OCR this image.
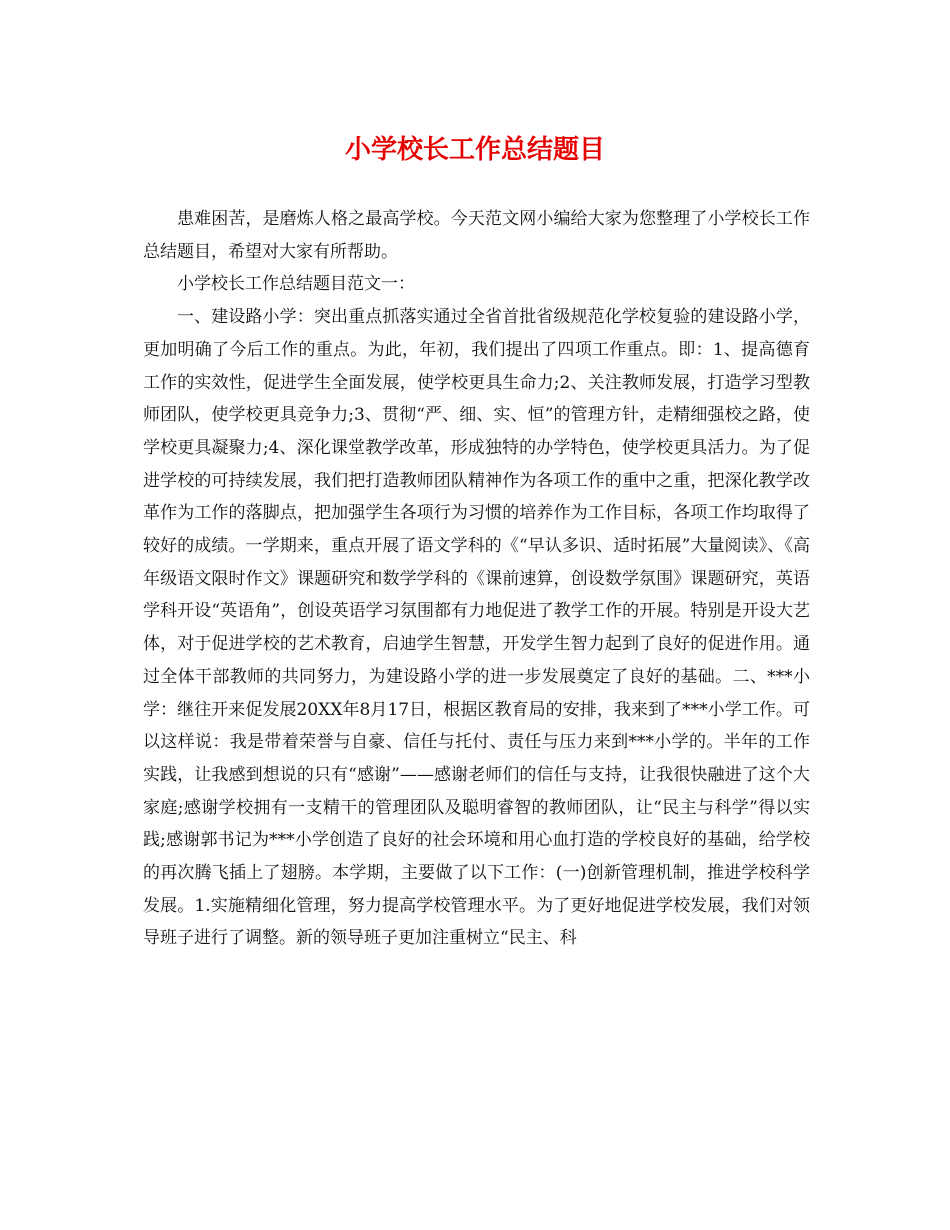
小学校长工作总结题目

患难困苦，是磨炼人格之最高学校。今天范文网小编给大家为您整理了小学校长工作总结题目，希望对大家有所帮助。

小学校长工作总结题目范文一：

一、建设路小学：突出重点抓落实通过全省首批省级规范化学校复验的建设路小学，更加明确了今后工作的重点。为此，年初，我们提出了四项工作重点。即：1、提高德育工作的实效性，促进学生全面发展，使学校更具生命力;2、关注教师发展，打造学习型教师团队，使学校更具竞争力;3、贯彻“严、细、实、恒”的管理方针，走精细强校之路，使学校更具凝聚力;4、深化课堂教学改革，形成独特的办学特色，使学校更具活力。为了促进学校的可持续发展，我们把打造教师团队精神作为各项工作的重中之重，把深化教学改革作为工作的落脚点，把加强学生各项行为习惯的培养作为工作目标，各项工作均取得了较好的成绩。一学期来，重点开展了语文学科的《“早认多识、适时拓展”大量阅读》、《高年级语文限时作文》课题研究和数学学科的《课前速算，创设数学氛围》课题研究，英语学科开设“英语角”，创设英语学习氛围都有力地促进了教学工作的开展。特别是开设大艺体，对于促进学校的艺术教育，启迪学生智慧，开发学生智力起到了良好的促进作用。通过全体干部教师的共同努力，为建设路小学的进一步发展奠定了良好的基础。二、***小学：继往开来促发展20XX年8月17日，根据区教育局的安排，我来到了***小学工作。可以这样说：我是带着荣誉与自豪、信任与托付、责任与压力来到***小学的。半年的工作实践，让我感到想说的只有“感谢”——感谢老师们的信任与支持，让我很快融进了这个大家庭;感谢学校拥有一支精干的管理团队及聪明睿智的教师团队，让“民主与科学”得以实践;感谢郭书记为***小学创造了良好的社会环境和用心血打造的学校良好的基础，给学校的再次腾飞插上了翅膀。本学期，主要做了以下工作：(一)创新管理机制，推进学校科学发展。1.实施精细化管理，努力提高学校管理水平。为了更好地促进学校发展，我们对领导班子进行了调整。新的领导班子更加注重树立“民主、科
